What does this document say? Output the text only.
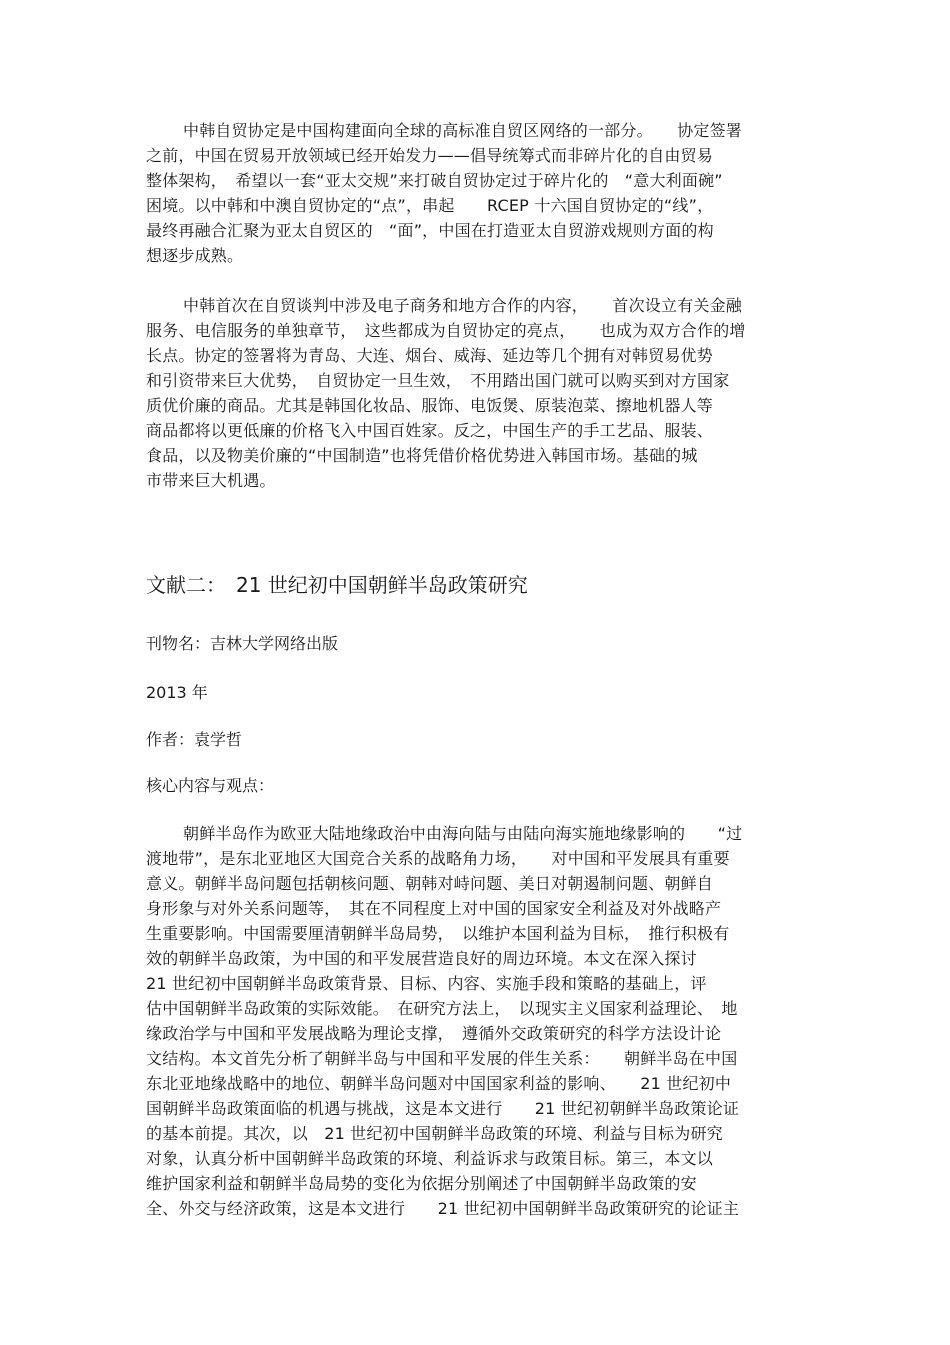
中韩自贸协定是中国构建面向全球的高标准自贸区网络的一部分。　　协定签署
之前，中国在贸易开放领域已经开始发力——倡导统筹式而非碎片化的自由贸易
整体架构，　希望以一套“亚太交规”来打破自贸协定过于碎片化的　“意大利面碗”
困境。以中韩和中澳自贸协定的“点”，串起　　RCEP 十六国自贸协定的“线”，
最终再融合汇聚为亚太自贸区的　“面”，中国在打造亚太自贸游戏规则方面的构
想逐步成熟。
中韩首次在自贸谈判中涉及电子商务和地方合作的内容，　　首次设立有关金融
服务、电信服务的单独章节，　这些都成为自贸协定的亮点，　　也成为双方合作的增
长点。协定的签署将为青岛、大连、烟台、威海、延边等几个拥有对韩贸易优势
和引资带来巨大优势，　自贸协定一旦生效，　不用踏出国门就可以购买到对方国家
质优价廉的商品。尤其是韩国化妆品、服饰、电饭煲、原装泡菜、擦地机器人等
商品都将以更低廉的价格飞入中国百姓家。反之，中国生产的手工艺品、服装、
食品，以及物美价廉的“中国制造”也将凭借价格优势进入韩国市场。基础的城
市带来巨大机遇。
文献二：　21 世纪初中国朝鲜半岛政策研究
刊物名：吉林大学网络出版
2013 年
作者：袁学哲
核心内容与观点：
朝鲜半岛作为欧亚大陆地缘政治中由海向陆与由陆向海实施地缘影响的　　“过
渡地带”，是东北亚地区大国竞合关系的战略角力场，　　对中国和平发展具有重要
意义。朝鲜半岛问题包括朝核问题、朝韩对峙问题、美日对朝遏制问题、朝鲜自
身形象与对外关系问题等，　其在不同程度上对中国的国家安全利益及对外战略产
生重要影响。中国需要厘清朝鲜半岛局势，　以维护本国利益为目标，　推行积极有
效的朝鲜半岛政策，为中国的和平发展营造良好的周边环境。本文在深入探讨
21 世纪初中国朝鲜半岛政策背景、目标、内容、实施手段和策略的基础上，评
估中国朝鲜半岛政策的实际效能。　在研究方法上，　以现实主义国家利益理论、　地
缘政治学与中国和平发展战略为理论支撑，　遵循外交政策研究的科学方法设计论
文结构。本文首先分析了朝鲜半岛与中国和平发展的伴生关系：　　朝鲜半岛在中国
东北亚地缘战略中的地位、朝鲜半岛问题对中国国家利益的影响、　　21 世纪初中
国朝鲜半岛政策面临的机遇与挑战，这是本文进行　　21 世纪初朝鲜半岛政策论证
的基本前提。其次，以　21 世纪初中国朝鲜半岛政策的环境、利益与目标为研究
对象，认真分析中国朝鲜半岛政策的环境、利益诉求与政策目标。第三，本文以
维护国家利益和朝鲜半岛局势的变化为依据分别阐述了中国朝鲜半岛政策的安
全、外交与经济政策，这是本文进行　　21 世纪初中国朝鲜半岛政策研究的论证主
